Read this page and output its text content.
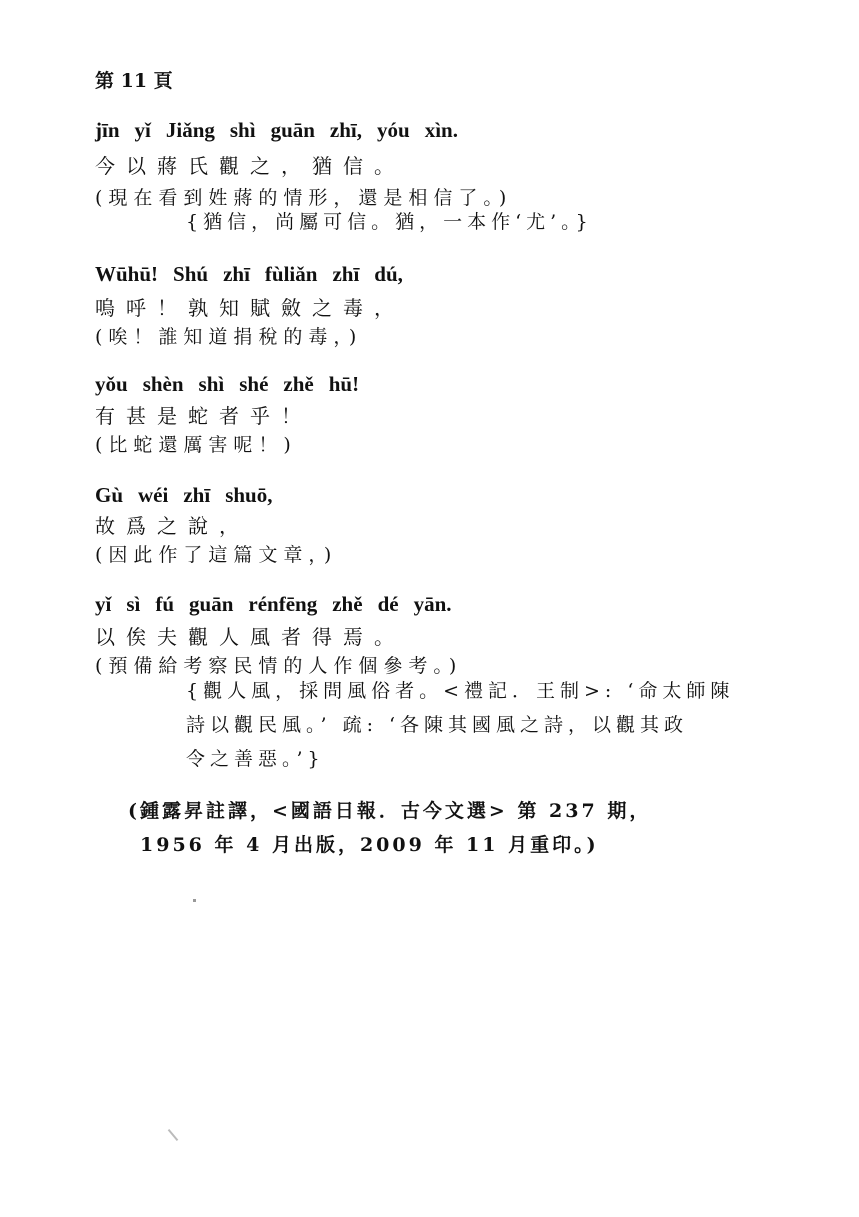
第 11 頁
jīn yǐ Jiǎng shì guān zhī, yóu xìn.
今以蔣氏觀之，猶信。
(現在看到姓蔣的情形，還是相信了。)
{猶信，尚屬可信。猶，一本作‘尤’。}
Wūhū! Shú zhī fùliǎn zhī dú,
嗚呼！孰知賦斂之毒，
(唉！誰知道捐稅的毒，)
yǒu shèn shì shé zhě hū!
有甚是蛇者乎！
(比蛇還厲害呢！)
Gù wéi zhī shuō,
故爲之說，
(因此作了這篇文章，)
yǐ sì fú guān rénfēng zhě dé yān.
以俟夫觀人風者得焉。
(預備給考察民情的人作個參考。)
{觀人風，採問風俗者。<禮記．王制>: ‘命太師陳
詩以觀民風。’ 疏: ‘各陳其國風之詩，以觀其政
令之善惡。’}
(鍾露昇註譯，<國語日報．古今文選> 第 237 期，
1956 年 4 月出版，2009 年 11 月重印。)
